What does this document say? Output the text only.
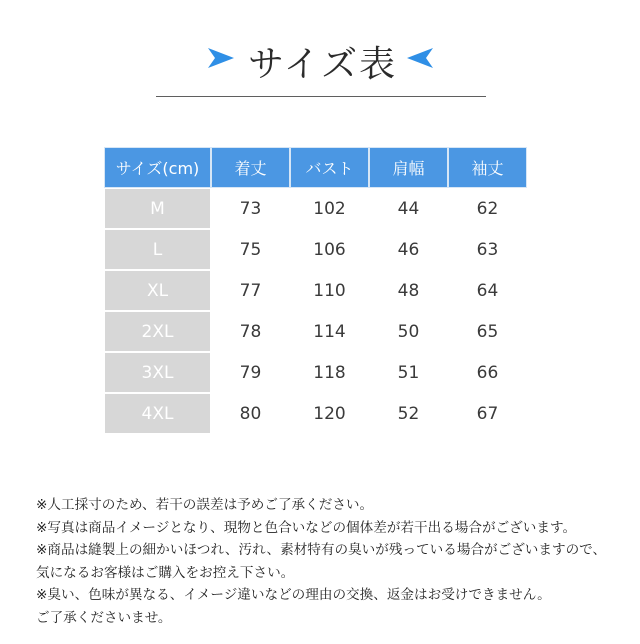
サイズ表
サイズ(cm)	着丈	バスト	肩幅	袖丈
M	73	102	44	62
L	75	106	46	63
XL	77	110	48	64
2XL	78	114	50	65
3XL	79	118	51	66
4XL	80	120	52	67
※人工採寸のため、若干の誤差は予めご了承ください。
※写真は商品イメージとなり、現物と色合いなどの個体差が若干出る場合がございます。
※商品は縫製上の細かいほつれ、汚れ、素材特有の臭いが残っている場合がございますので、
気になるお客様はご購入をお控え下さい。
※臭い、色味が異なる、イメージ違いなどの理由の交換、返金はお受けできません。
ご了承くださいませ。
